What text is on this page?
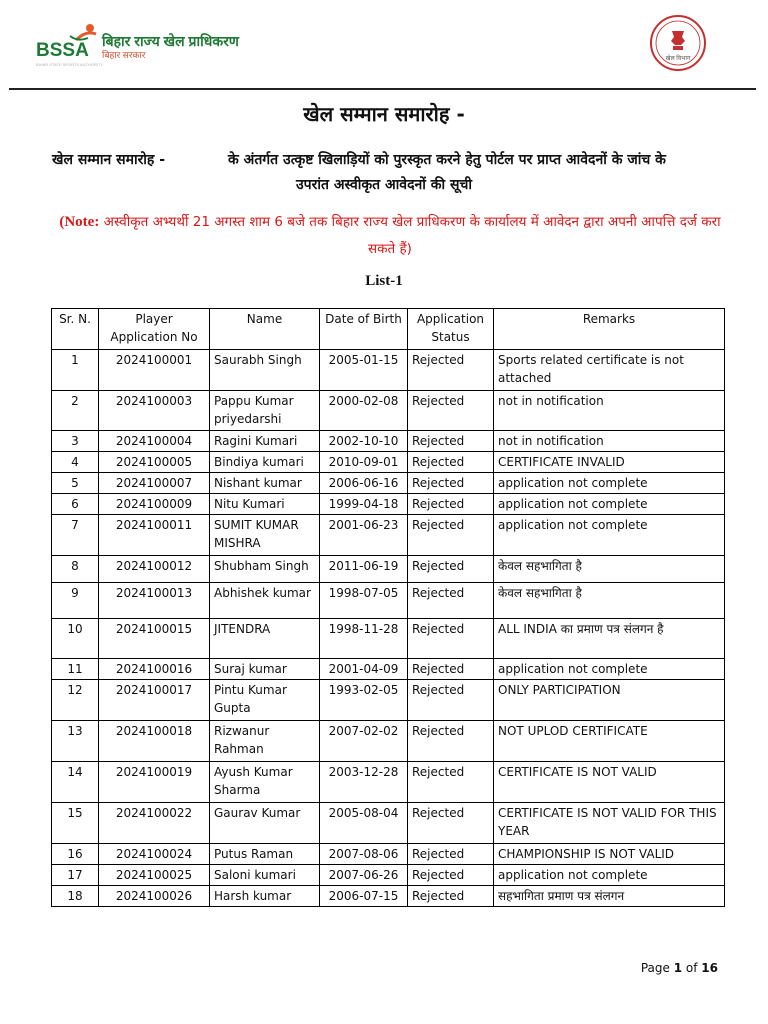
BSSA बिहार राज्य खेल प्राधिकरण
बिहार सरकार
BIHAR STATE SPORTS AUTHORITY
खेल विभाग
खेल सम्मान समारोह -
खेल सम्मान समारोह -	के अंतर्गत उत्कृष्ट खिलाड़ियों को पुरस्कृत करने हेतु पोर्टल पर प्राप्त आवेदनों के जांच के
उपरांत अस्वीकृत आवेदनों की सूची
(Note: अस्वीकृत अभ्यर्थी 21 अगस्त शाम 6 बजे तक बिहार राज्य खेल प्राधिकरण के कार्यालय में आवेदन द्वारा अपनी आपत्ति दर्ज करा सकते हैं)
List-1
Sr. N.	Player Application No	Name	Date of Birth	Application Status	Remarks
1	2024100001	Saurabh Singh	2005-01-15	Rejected	Sports related certificate is not attached
2	2024100003	Pappu Kumar priyedarshi	2000-02-08	Rejected	not in notification
3	2024100004	Ragini Kumari	2002-10-10	Rejected	not in notification
4	2024100005	Bindiya kumari	2010-09-01	Rejected	CERTIFICATE INVALID
5	2024100007	Nishant kumar	2006-06-16	Rejected	application not complete
6	2024100009	Nitu Kumari	1999-04-18	Rejected	application not complete
7	2024100011	SUMIT KUMAR MISHRA	2001-06-23	Rejected	application not complete
8	2024100012	Shubham Singh	2011-06-19	Rejected	केवल सहभागिता है
9	2024100013	Abhishek kumar	1998-07-05	Rejected	केवल सहभागिता है
10	2024100015	JITENDRA	1998-11-28	Rejected	ALL INDIA का प्रमाण पत्र संलगन है
11	2024100016	Suraj kumar	2001-04-09	Rejected	application not complete
12	2024100017	Pintu Kumar Gupta	1993-02-05	Rejected	ONLY PARTICIPATION
13	2024100018	Rizwanur Rahman	2007-02-02	Rejected	NOT UPLOD CERTIFICATE
14	2024100019	Ayush Kumar Sharma	2003-12-28	Rejected	CERTIFICATE IS NOT VALID
15	2024100022	Gaurav Kumar	2005-08-04	Rejected	CERTIFICATE IS NOT VALID FOR THIS YEAR
16	2024100024	Putus Raman	2007-08-06	Rejected	CHAMPIONSHIP IS NOT VALID
17	2024100025	Saloni kumari	2007-06-26	Rejected	application not complete
18	2024100026	Harsh kumar	2006-07-15	Rejected	सहभागिता प्रमाण पत्र संलगन
Page 1 of 16
